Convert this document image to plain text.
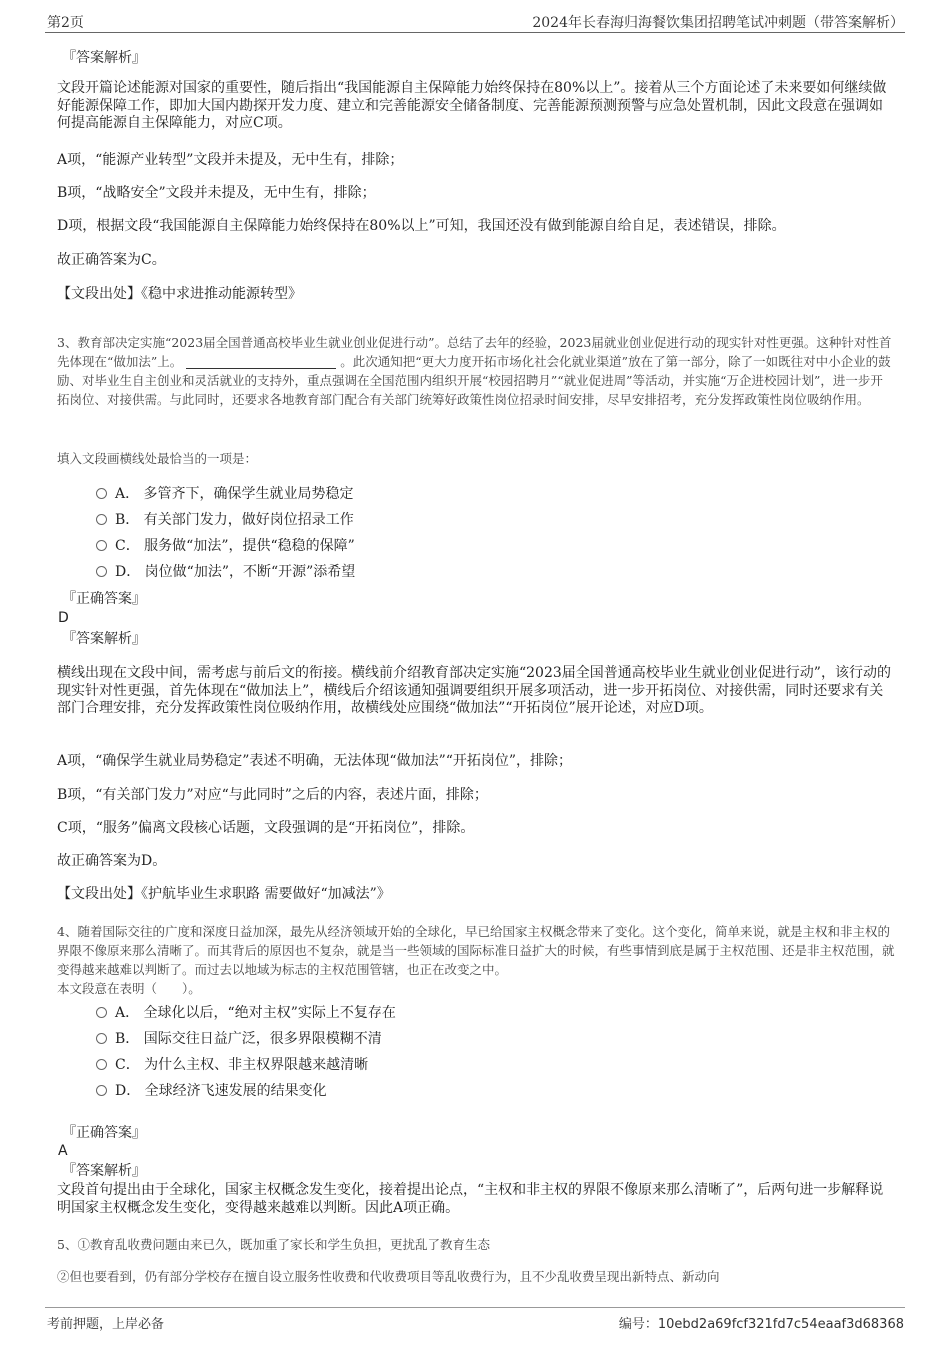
第2页	2024年长春海归海餐饮集团招聘笔试冲刺题（带答案解析）
『答案解析』
文段开篇论述能源对国家的重要性，随后指出“我国能源自主保障能力始终保持在80%以上”。接着从三个方面论述了未来要如何继续做好能源保障工作，即加大国内勘探开发力度、建立和完善能源安全储备制度、完善能源预测预警与应急处置机制，因此文段意在强调如何提高能源自主保障能力，对应C项。
A项，“能源产业转型”文段并未提及，无中生有，排除；
B项，“战略安全”文段并未提及，无中生有，排除；
D项，根据文段“我国能源自主保障能力始终保持在80%以上”可知，我国还没有做到能源自给自足，表述错误，排除。
故正确答案为C。
【文段出处】《稳中求进推动能源转型》
3、教育部决定实施“2023届全国普通高校毕业生就业创业促进行动”。总结了去年的经验，2023届就业创业促进行动的现实针对性更强。这种针对性首先体现在“做加法”上。	。此次通知把“更大力度开拓市场化社会化就业渠道”放在了第一部分，除了一如既往对中小企业的鼓励、对毕业生自主创业和灵活就业的支持外，重点强调在全国范围内组织开展“校园招聘月”“就业促进周”等活动，并实施“万企进校园计划”，进一步开拓岗位、对接供需。与此同时，还要求各地教育部门配合有关部门统筹好政策性岗位招录时间安排，尽早安排招考，充分发挥政策性岗位吸纳作用。
填入文段画横线处最恰当的一项是：
A． 多管齐下，确保学生就业局势稳定
B． 有关部门发力，做好岗位招录工作
C． 服务做“加法”，提供“稳稳的保障”
D． 岗位做“加法”，不断“开源”添希望
『正确答案』
D
『答案解析』
横线出现在文段中间，需考虑与前后文的衔接。横线前介绍教育部决定实施“2023届全国普通高校毕业生就业创业促进行动”，该行动的现实针对性更强，首先体现在“做加法上”，横线后介绍该通知强调要组织开展多项活动，进一步开拓岗位、对接供需，同时还要求有关部门合理安排，充分发挥政策性岗位吸纳作用，故横线处应围绕“做加法”“开拓岗位”展开论述，对应D项。
A项，“确保学生就业局势稳定”表述不明确，无法体现“做加法”“开拓岗位”，排除；
B项，“有关部门发力”对应“与此同时”之后的内容，表述片面，排除；
C项，“服务”偏离文段核心话题，文段强调的是“开拓岗位”，排除。
故正确答案为D。
【文段出处】《护航毕业生求职路 需要做好“加减法”》
4、随着国际交往的广度和深度日益加深，最先从经济领域开始的全球化，早已给国家主权概念带来了变化。这个变化，简单来说，就是主权和非主权的界限不像原来那么清晰了。而其背后的原因也不复杂，就是当一些领域的国际标准日益扩大的时候，有些事情到底是属于主权范围、还是非主权范围，就变得越来越难以判断了。而过去以地域为标志的主权范围管辖，也正在改变之中。
本文段意在表明（　　）。
A． 全球化以后，“绝对主权”实际上不复存在
B． 国际交往日益广泛，很多界限模糊不清
C． 为什么主权、非主权界限越来越清晰
D． 全球经济飞速发展的结果变化
『正确答案』
A
『答案解析』
文段首句提出由于全球化，国家主权概念发生变化，接着提出论点，“主权和非主权的界限不像原来那么清晰了”，后两句进一步解释说明国家主权概念发生变化，变得越来越难以判断。因此A项正确。
5、①教育乱收费问题由来已久，既加重了家长和学生负担，更扰乱了教育生态
②但也要看到，仍有部分学校存在擅自设立服务性收费和代收费项目等乱收费行为，且不少乱收费呈现出新特点、新动向
考前押题，上岸必备	编号：10ebd2a69fcf321fd7c54eaaf3d68368
